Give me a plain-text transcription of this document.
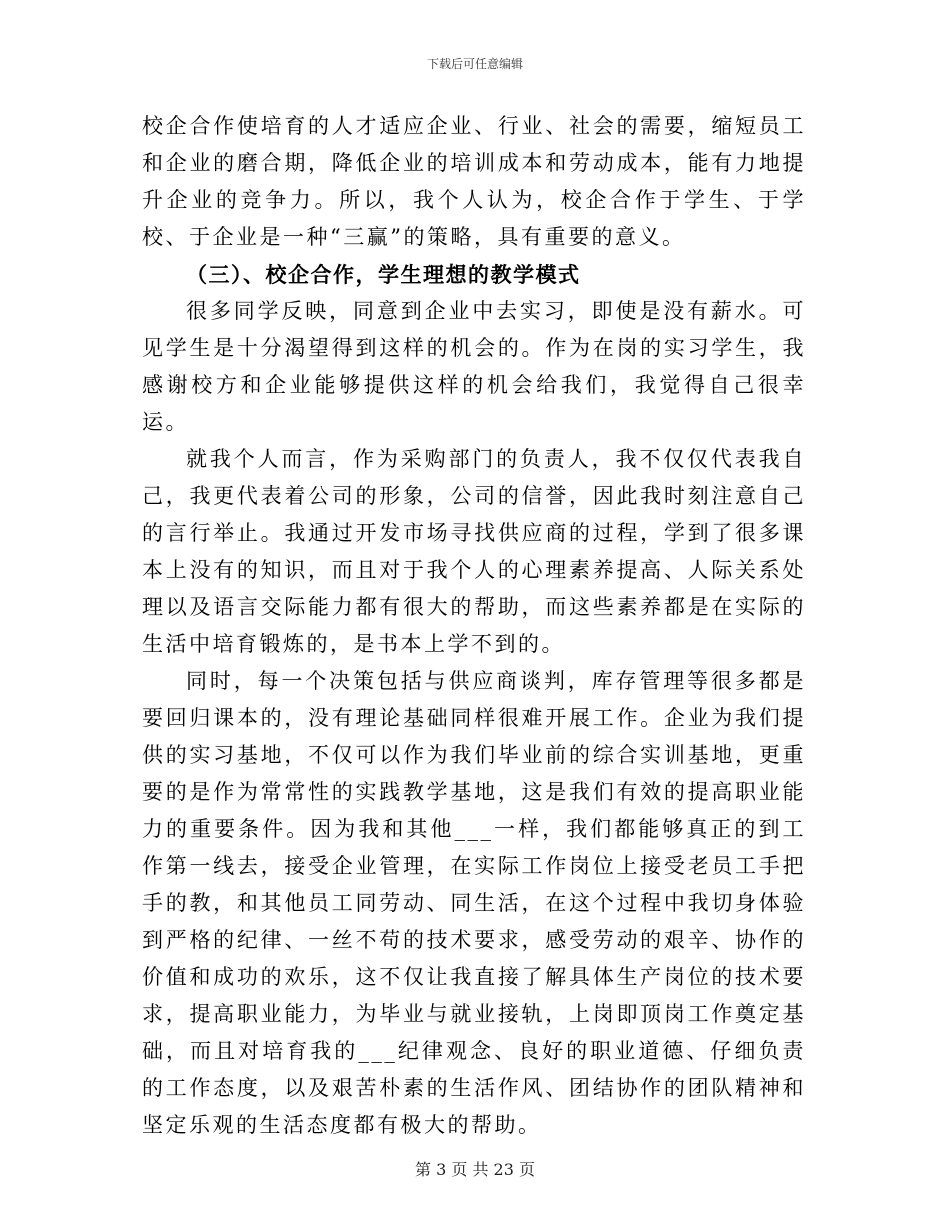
下载后可任意编辑

校企合作使培育的人才适应企业、行业、社会的需要，缩短员工和企业的磨合期，降低企业的培训成本和劳动成本，能有力地提升企业的竞争力。所以，我个人认为，校企合作于学生、于学校、于企业是一种“三赢”的策略，具有重要的意义。

（三）、校企合作，学生理想的教学模式

很多同学反映，同意到企业中去实习，即使是没有薪水。可见学生是十分渴望得到这样的机会的。作为在岗的实习学生，我感谢校方和企业能够提供这样的机会给我们，我觉得自己很幸运。

就我个人而言，作为采购部门的负责人，我不仅仅代表我自己，我更代表着公司的形象，公司的信誉，因此我时刻注意自己的言行举止。我通过开发市场寻找供应商的过程，学到了很多课本上没有的知识，而且对于我个人的心理素养提高、人际关系处理以及语言交际能力都有很大的帮助，而这些素养都是在实际的生活中培育锻炼的，是书本上学不到的。

同时，每一个决策包括与供应商谈判，库存管理等很多都是要回归课本的，没有理论基础同样很难开展工作。企业为我们提供的实习基地，不仅可以作为我们毕业前的综合实训基地，更重要的是作为常常性的实践教学基地，这是我们有效的提高职业能力的重要条件。因为我和其他___一样，我们都能够真正的到工作第一线去，接受企业管理，在实际工作岗位上接受老员工手把手的教，和其他员工同劳动、同生活，在这个过程中我切身体验到严格的纪律、一丝不苟的技术要求，感受劳动的艰辛、协作的价值和成功的欢乐，这不仅让我直接了解具体生产岗位的技术要求，提高职业能力，为毕业与就业接轨，上岗即顶岗工作奠定基础，而且对培育我的___纪律观念、良好的职业道德、仔细负责的工作态度，以及艰苦朴素的生活作风、团结协作的团队精神和坚定乐观的生活态度都有极大的帮助。

第 3 页 共 23 页
